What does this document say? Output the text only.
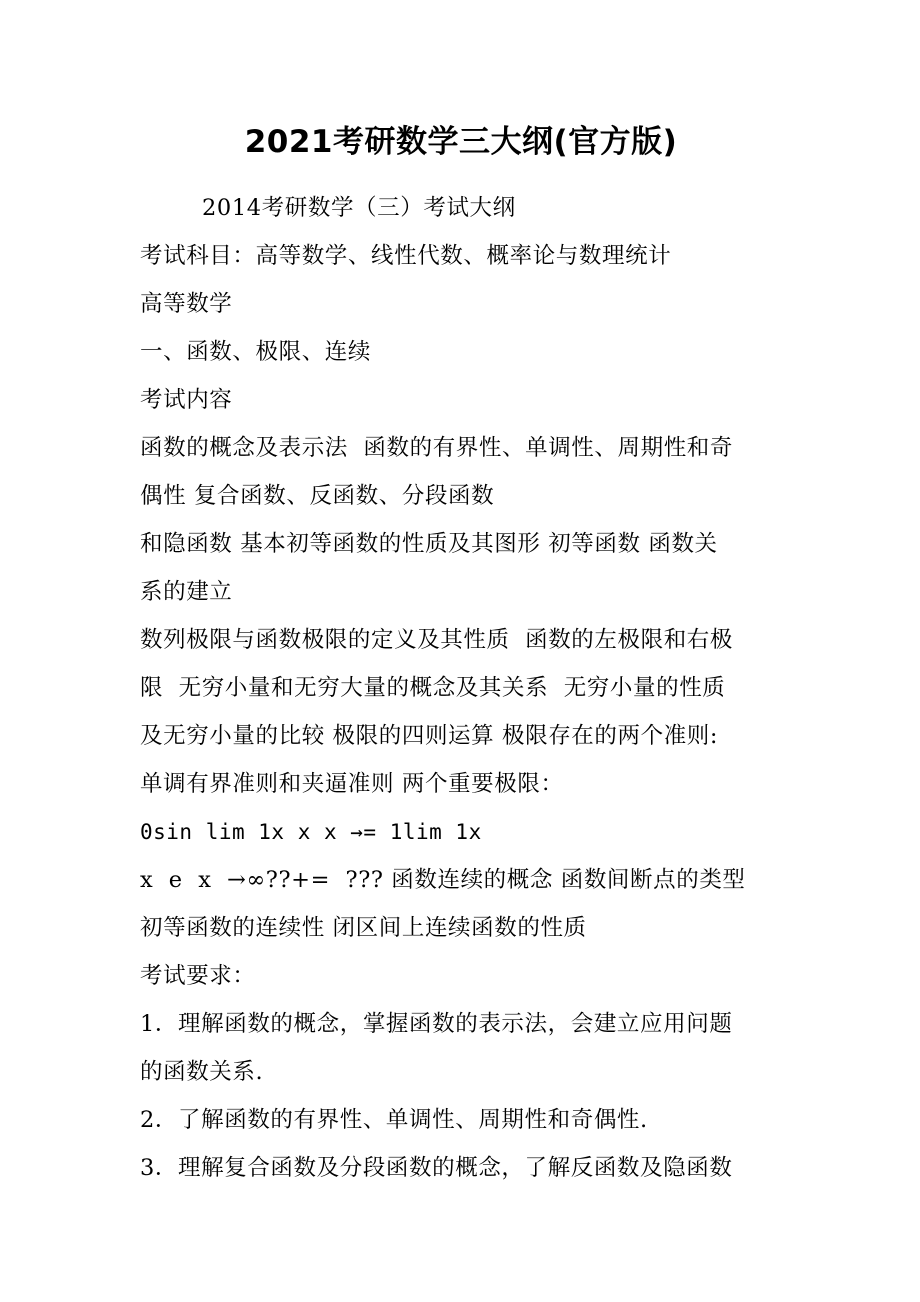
2021考研数学三大纲(官方版)
2014考研数学（三）考试大纲
考试科目：高等数学、线性代数、概率论与数理统计
高等数学
一、函数、极限、连续
考试内容
函数的概念及表示法  函数的有界性、单调性、周期性和奇
偶性 复合函数、反函数、分段函数
和隐函数 基本初等函数的性质及其图形 初等函数 函数关
系的建立
数列极限与函数极限的定义及其性质  函数的左极限和右极
限  无穷小量和无穷大量的概念及其关系  无穷小量的性质
及无穷小量的比较 极限的四则运算 极限存在的两个准则:
单调有界准则和夹逼准则 两个重要极限：
0sin lim 1x x x →= 1lim 1x
x  e  x  →∞??+=  ??? 函数连续的概念 函数间断点的类型
初等函数的连续性 闭区间上连续函数的性质
考试要求：
1．理解函数的概念，掌握函数的表示法，会建立应用问题
的函数关系.
2．了解函数的有界性、单调性、周期性和奇偶性.
3．理解复合函数及分段函数的概念，了解反函数及隐函数
